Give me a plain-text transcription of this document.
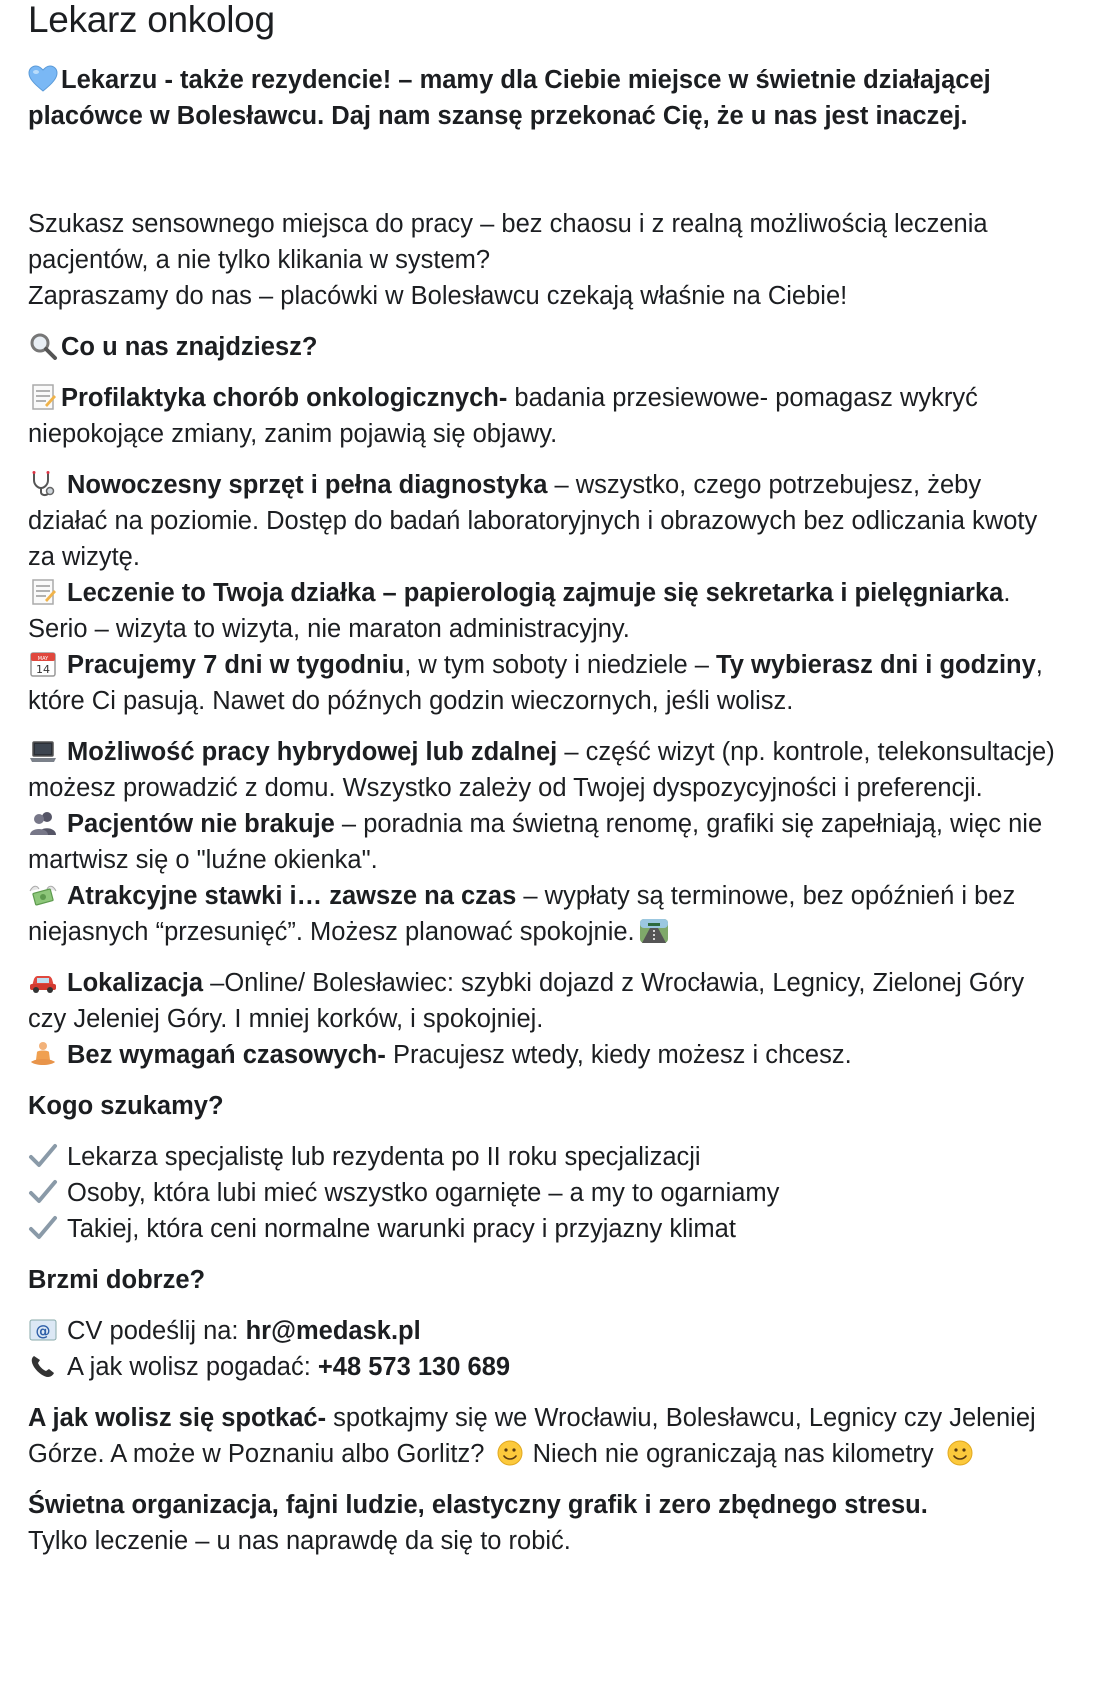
Lekarz onkolog

Lekarzu - także rezydencie! – mamy dla Ciebie miejsce w świetnie działającej placówce w Bolesławcu. Daj nam szansę przekonać Cię, że u nas jest inaczej.

Szukasz sensownego miejsca do pracy – bez chaosu i z realną możliwością leczenia pacjentów, a nie tylko klikania w system?

Zapraszamy do nas – placówki w Bolesławcu czekają właśnie na Ciebie!

Co u nas znajdziesz?

Profilaktyka chorób onkologicznych- badania przesiewowe- pomagasz wykryć niepokojące zmiany, zanim pojawią się objawy.

Nowoczesny sprzęt i pełna diagnostyka – wszystko, czego potrzebujesz, żeby działać na poziomie. Dostęp do badań laboratoryjnych i obrazowych bez odliczania kwoty za wizytę.

Leczenie to Twoja działka – papierologią zajmuje się sekretarka i pielęgniarka. Serio – wizyta to wizyta, nie maraton administracyjny.

MAY
14 Pracujemy 7 dni w tygodniu, w tym soboty i niedziele – Ty wybierasz dni i godziny, które Ci pasują. Nawet do późnych godzin wieczornych, jeśli wolisz.

Możliwość pracy hybrydowej lub zdalnej – część wizyt (np. kontrole, telekonsultacje) możesz prowadzić z domu. Wszystko zależy od Twojej dyspozycyjności i preferencji.

Pacjentów nie brakuje – poradnia ma świetną renomę, grafiki się zapełniają, więc nie martwisz się o "luźne okienka".

Atrakcyjne stawki i… zawsze na czas – wypłaty są terminowe, bez opóźnień i bez niejasnych “przesunięć”. Możesz planować spokojnie.

Lokalizacja –Online/ Bolesławiec: szybki dojazd z Wrocławia, Legnicy, Zielonej Góry czy Jeleniej Góry. I mniej korków, i spokojniej.

Bez wymagań czasowych- Pracujesz wtedy, kiedy możesz i chcesz.

Kogo szukamy?

Lekarza specjalistę lub rezydenta po II roku specjalizacji

Osoby, która lubi mieć wszystko ogarnięte – a my to ogarniamy

Takiej, która ceni normalne warunki pracy i przyjazny klimat

Brzmi dobrze?

@ CV podeślij na: hr@medask.pl

A jak wolisz pogadać: +48 573 130 689

A jak wolisz się spotkać- spotkajmy się we Wrocławiu, Bolesławcu, Legnicy czy Jeleniej Górze. A może w Poznaniu albo Gorlitz?
Niech nie ograniczają nas kilometry

Świetna organizacja, fajni ludzie, elastyczny grafik i zero zbędnego stresu.

Tylko leczenie – u nas naprawdę da się to robić.
